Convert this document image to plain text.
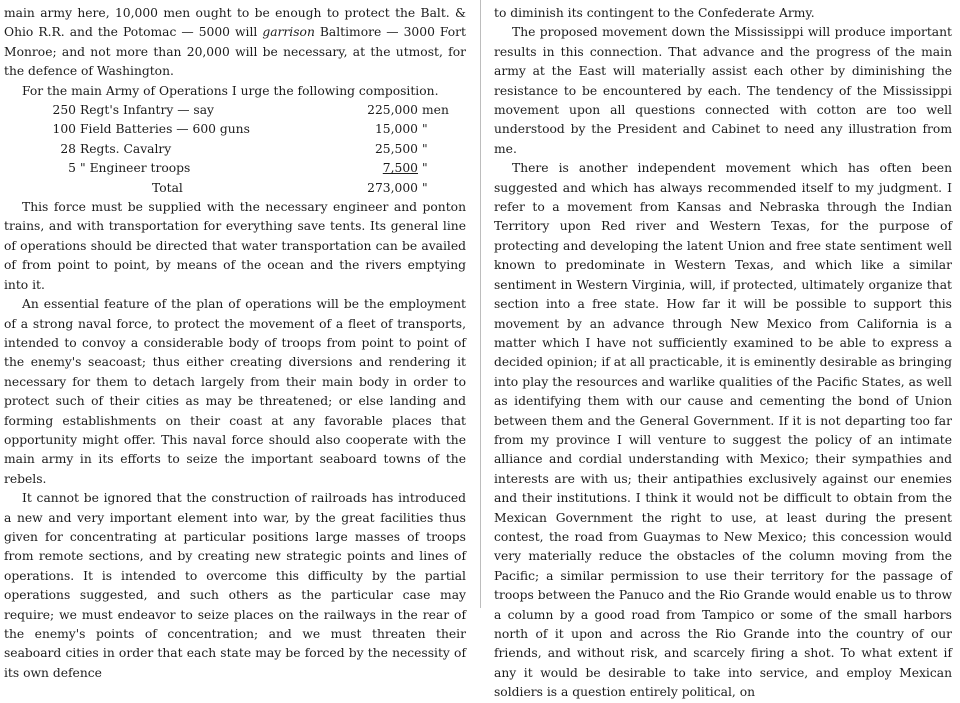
main army here, 10,000 men ought to be enough to protect the Balt. & Ohio R.R. and the Potomac — 5000 will garrison Baltimore — 3000 Fort Monroe; and not more than 20,000 will be necessary, at the utmost, for the defence of Washington.

For the main Army of Operations I urge the following composition.

250	Regt's Infantry — say	225,000	men
100	Field Batteries — 600 guns	15,000	"
28	Regts. Cavalry	25,500	"
5	" Engineer troops	7,500	"
	Total	273,000	"

This force must be supplied with the necessary engineer and ponton trains, and with transportation for everything save tents. Its general line of operations should be directed that water transportation can be availed of from point to point, by means of the ocean and the rivers emptying into it.

An essential feature of the plan of operations will be the employment of a strong naval force, to protect the movement of a fleet of transports, intended to convoy a considerable body of troops from point to point of the enemy's seacoast; thus either creating diversions and rendering it necessary for them to detach largely from their main body in order to protect such of their cities as may be threatened; or else landing and forming establishments on their coast at any favorable places that opportunity might offer. This naval force should also cooperate with the main army in its efforts to seize the important seaboard towns of the rebels.

It cannot be ignored that the construction of railroads has introduced a new and very important element into war, by the great facilities thus given for concentrating at particular positions large masses of troops from remote sections, and by creating new strategic points and lines of operations. It is intended to overcome this difficulty by the partial operations suggested, and such others as the particular case may require; we must endeavor to seize places on the railways in the rear of the enemy's points of concentration; and we must threaten their seaboard cities in order that each state may be forced by the necessity of its own defence

to diminish its contingent to the Confederate Army.

The proposed movement down the Mississippi will produce important results in this connection. That advance and the progress of the main army at the East will materially assist each other by diminishing the resistance to be encountered by each. The tendency of the Mississippi movement upon all questions connected with cotton are too well understood by the President and Cabinet to need any illustration from me.

There is another independent movement which has often been suggested and which has always recommended itself to my judgment. I refer to a movement from Kansas and Nebraska through the Indian Territory upon Red river and Western Texas, for the purpose of protecting and developing the latent Union and free state sentiment well known to predominate in Western Texas, and which like a similar sentiment in Western Virginia, will, if protected, ultimately organize that section into a free state. How far it will be possible to support this movement by an advance through New Mexico from California is a matter which I have not sufficiently examined to be able to express a decided opinion; if at all practicable, it is eminently desirable as bringing into play the resources and warlike qualities of the Pacific States, as well as identifying them with our cause and cementing the bond of Union between them and the General Government. If it is not departing too far from my province I will venture to suggest the policy of an intimate alliance and cordial understanding with Mexico; their sympathies and interests are with us; their antipathies exclusively against our enemies and their institutions. I think it would not be difficult to obtain from the Mexican Government the right to use, at least during the present contest, the road from Guaymas to New Mexico; this concession would very materially reduce the obstacles of the column moving from the Pacific; a similar permission to use their territory for the passage of troops between the Panuco and the Rio Grande would enable us to throw a column by a good road from Tampico or some of the small harbors north of it upon and across the Rio Grande into the country of our friends, and without risk, and scarcely firing a shot. To what extent if any it would be desirable to take into service, and employ Mexican soldiers is a question entirely political, on
